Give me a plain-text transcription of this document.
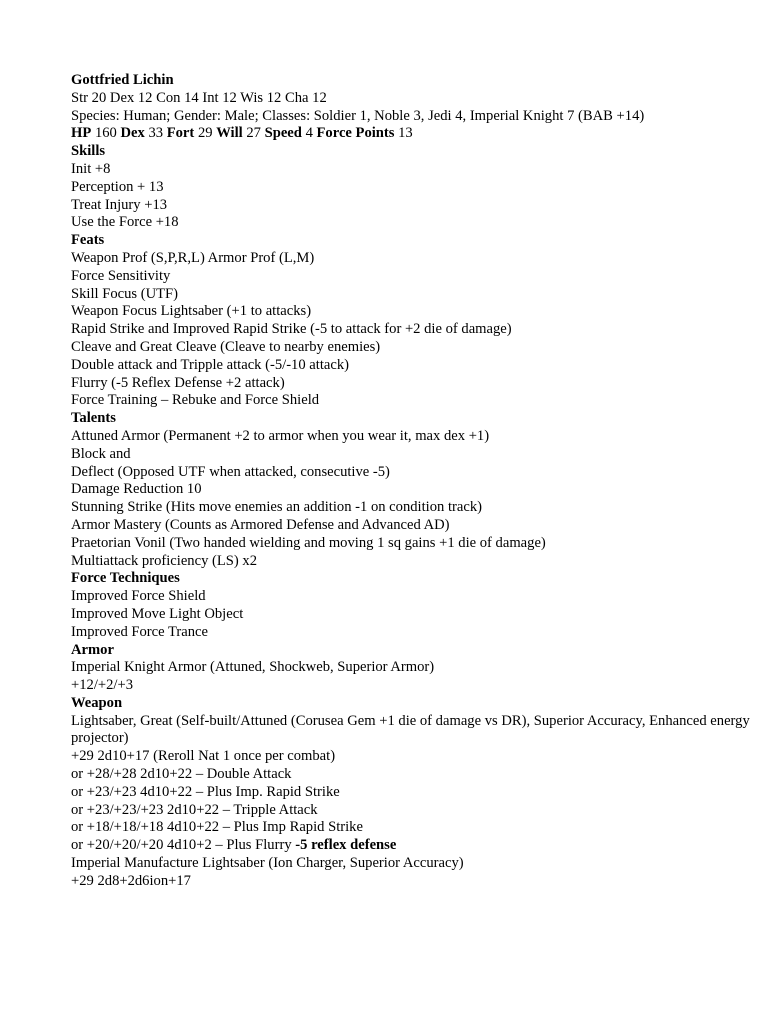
Gottfried Lichin
Str 20 Dex 12 Con 14 Int 12 Wis 12 Cha 12
Species: Human; Gender: Male; Classes: Soldier 1, Noble 3, Jedi 4, Imperial Knight 7 (BAB +14)
HP 160 Dex 33 Fort 29 Will 27 Speed 4 Force Points 13
Skills
Init +8
Perception + 13
Treat Injury +13
Use the Force +18
Feats
Weapon Prof (S,P,R,L) Armor Prof (L,M)
Force Sensitivity
Skill Focus (UTF)
Weapon Focus Lightsaber (+1 to attacks)
Rapid Strike and Improved Rapid Strike (-5 to attack for +2 die of damage)
Cleave and Great Cleave (Cleave to nearby enemies)
Double attack and Tripple attack (-5/-10 attack)
Flurry (-5 Reflex Defense +2 attack)
Force Training – Rebuke and Force Shield
Talents
Attuned Armor (Permanent +2 to armor when you wear it, max dex +1)
Block and
Deflect (Opposed UTF when attacked, consecutive -5)
Damage Reduction 10
Stunning Strike (Hits move enemies an addition -1 on condition track)
Armor Mastery (Counts as Armored Defense and Advanced AD)
Praetorian Vonil (Two handed wielding and moving 1 sq gains +1 die of damage)
Multiattack proficiency (LS) x2
Force Techniques
Improved Force Shield
Improved Move Light Object
Improved Force Trance
Armor
Imperial Knight Armor (Attuned, Shockweb, Superior Armor)
+12/+2/+3
Weapon
Lightsaber, Great (Self-built/Attuned (Corusea Gem +1 die of damage vs DR), Superior Accuracy, Enhanced energy projector)
+29 2d10+17 (Reroll Nat 1 once per combat)
or +28/+28 2d10+22 – Double Attack
or +23/+23 4d10+22 – Plus Imp. Rapid Strike
or +23/+23/+23 2d10+22 – Tripple Attack
or +18/+18/+18 4d10+22 – Plus Imp Rapid Strike
or +20/+20/+20 4d10+2 – Plus Flurry -5 reflex defense
Imperial Manufacture Lightsaber (Ion Charger, Superior Accuracy)
+29 2d8+2d6ion+17
